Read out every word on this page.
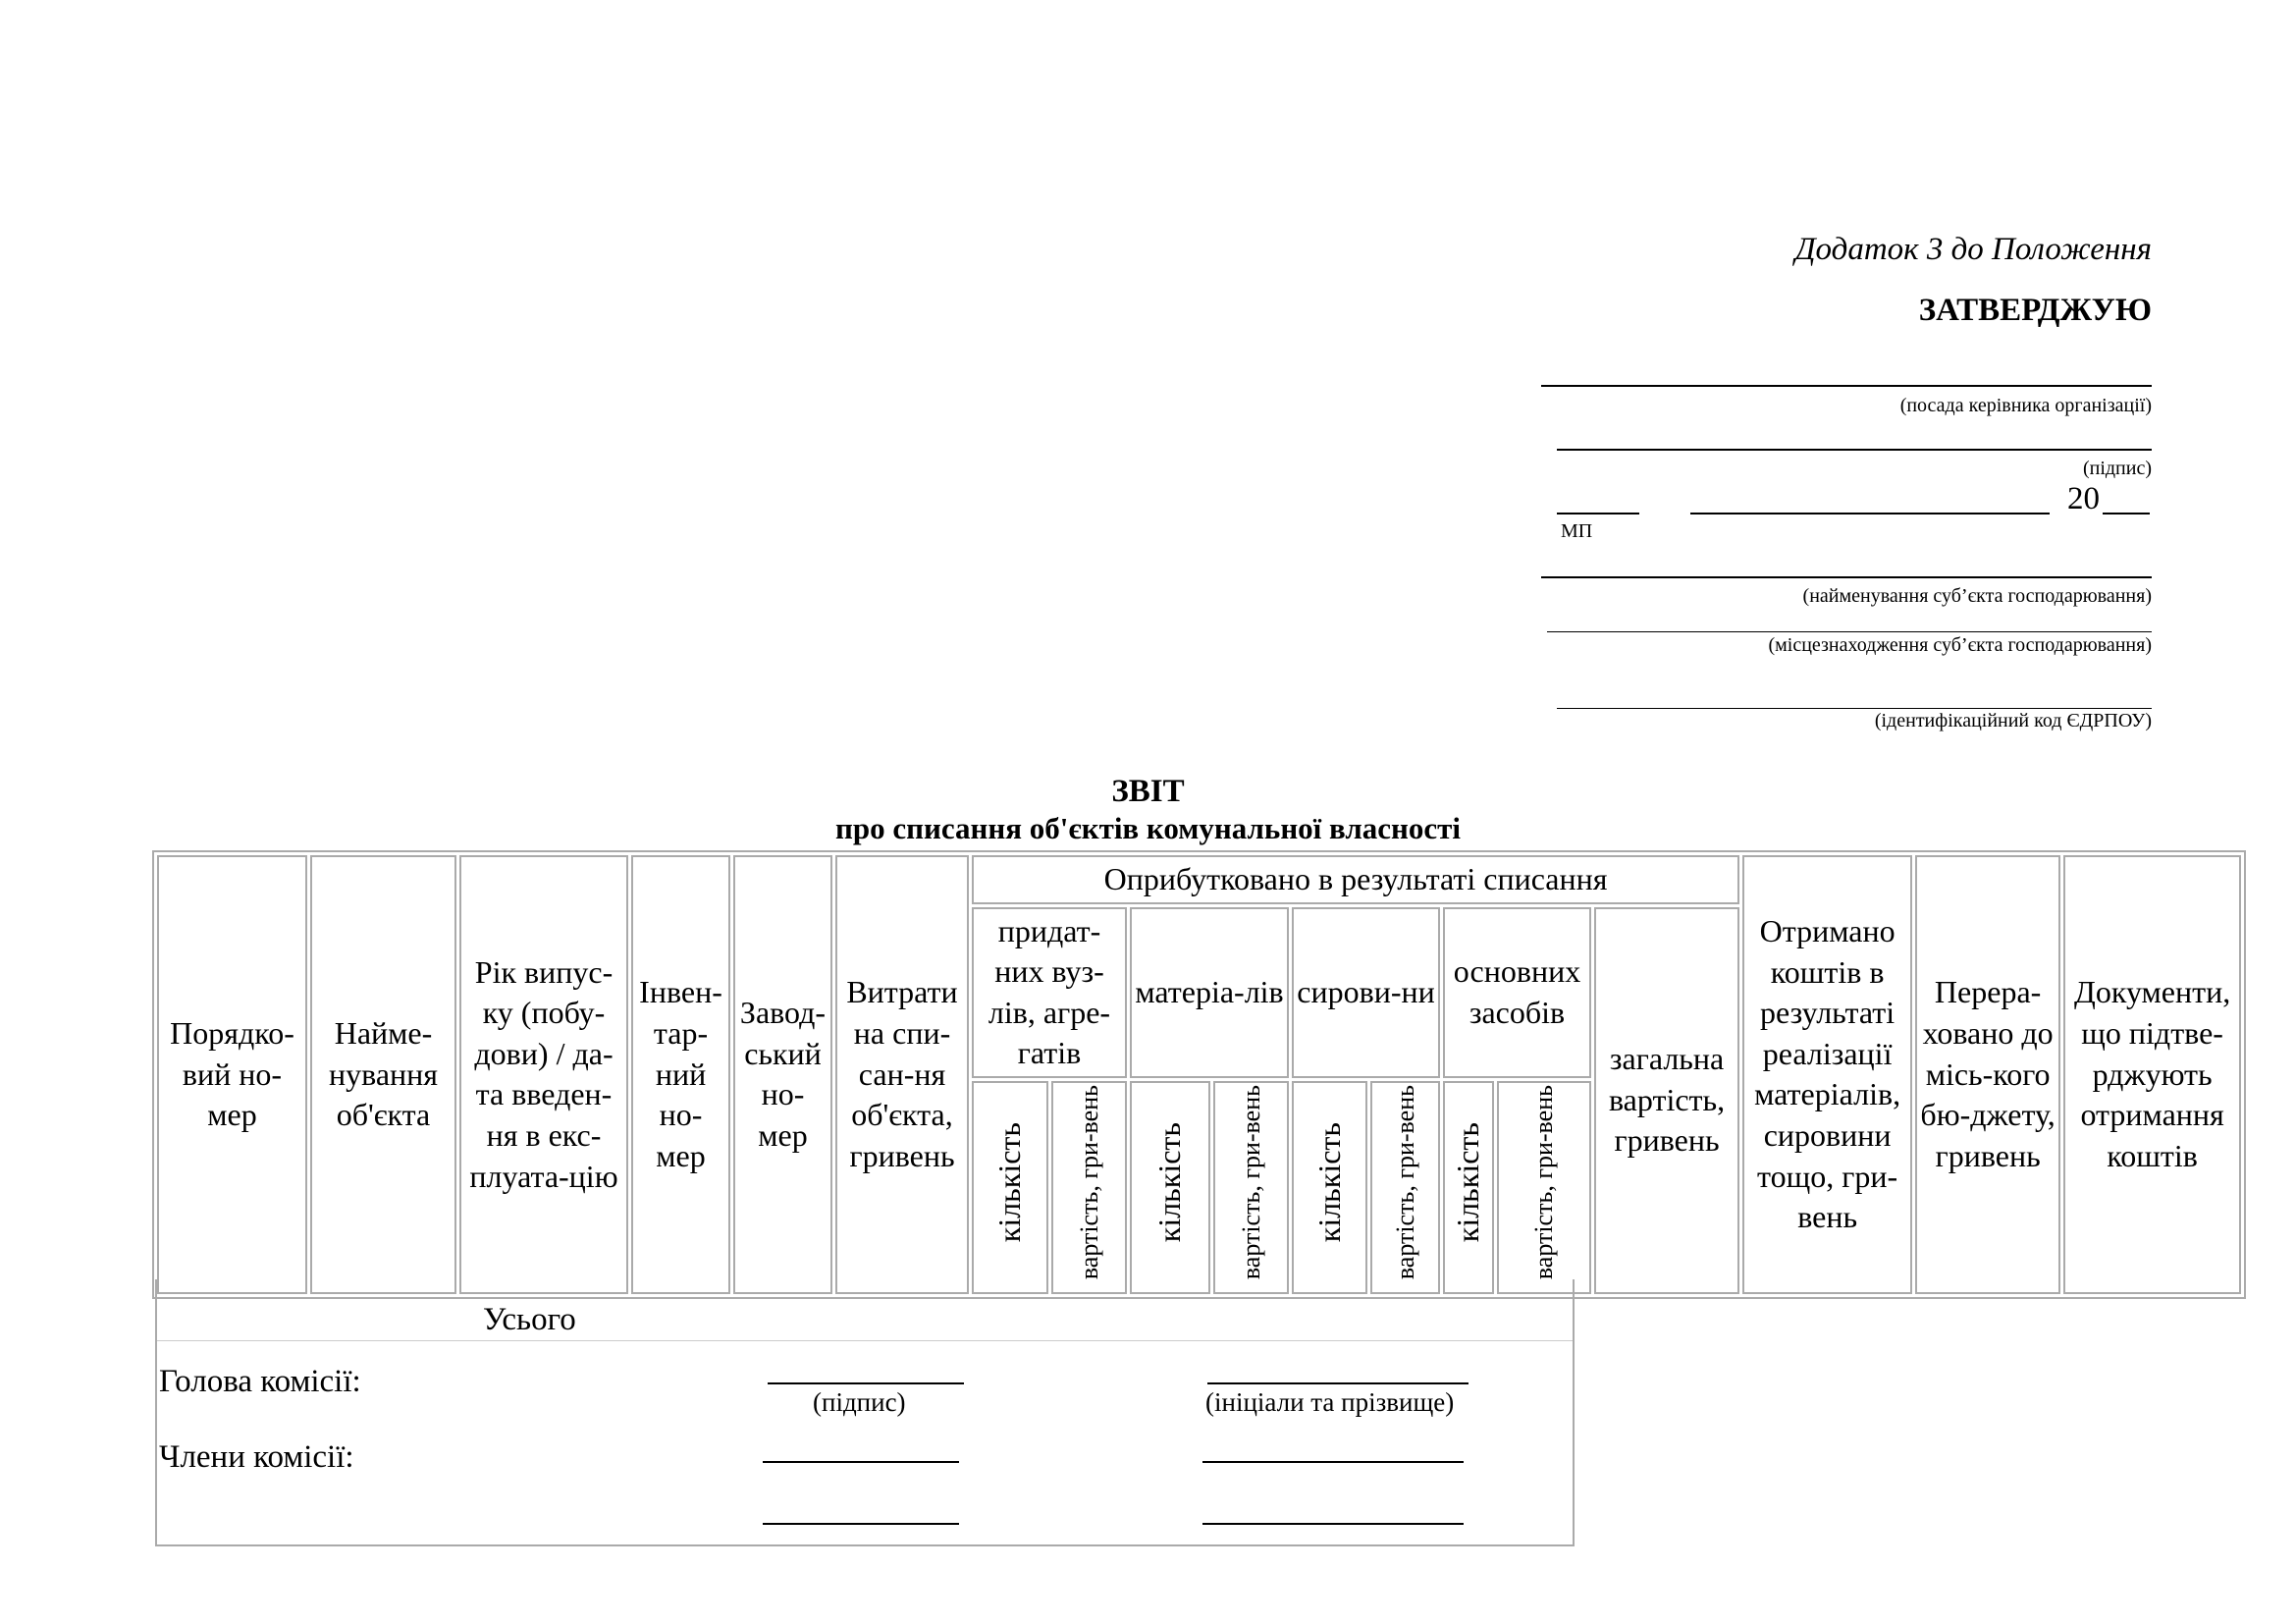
Додаток 3 до Положення
ЗАТВЕРДЖУЮ
(посада керівника організації)
(підпис)
20
МП
(найменування суб’єкта господарювання)
(місцезнаходження суб’єкта господарювання)
(ідентифікаційний код ЄДРПОУ)
ЗВІТ
про списання об'єктів комунальної власності
Порядко-вий но-мер	Найме-нування об'єкта	Рік випус-ку (побу-дови) / да-та введен-ня в екс-плуата-цію	Інвен-тар-ний но-мер	Завод-ський но-мер	Витрати на спи-сан-ня об'єкта, гривень	Оприбутковано в результаті списання									Отримано коштів в результаті реалізації матеріалів, сировини тощо, гри-вень	Перера-ховано до місь-кого бю-джету, гривень	Документи, що підтве-рджують отримання коштів
						придат-них вуз-лів, агре-гатів		матеріа-лів		сирови-ни		основних засобів		загальна вартість, гривень			
						кількість	вартість, гри-вень	кількість	вартість, гри-вень	кількість	вартість, гри-вень	кількість	вартість, гри-вень				
Усього
Голова комісії:
(підпис)	(ініціали та прізвище)
Члени комісії:
